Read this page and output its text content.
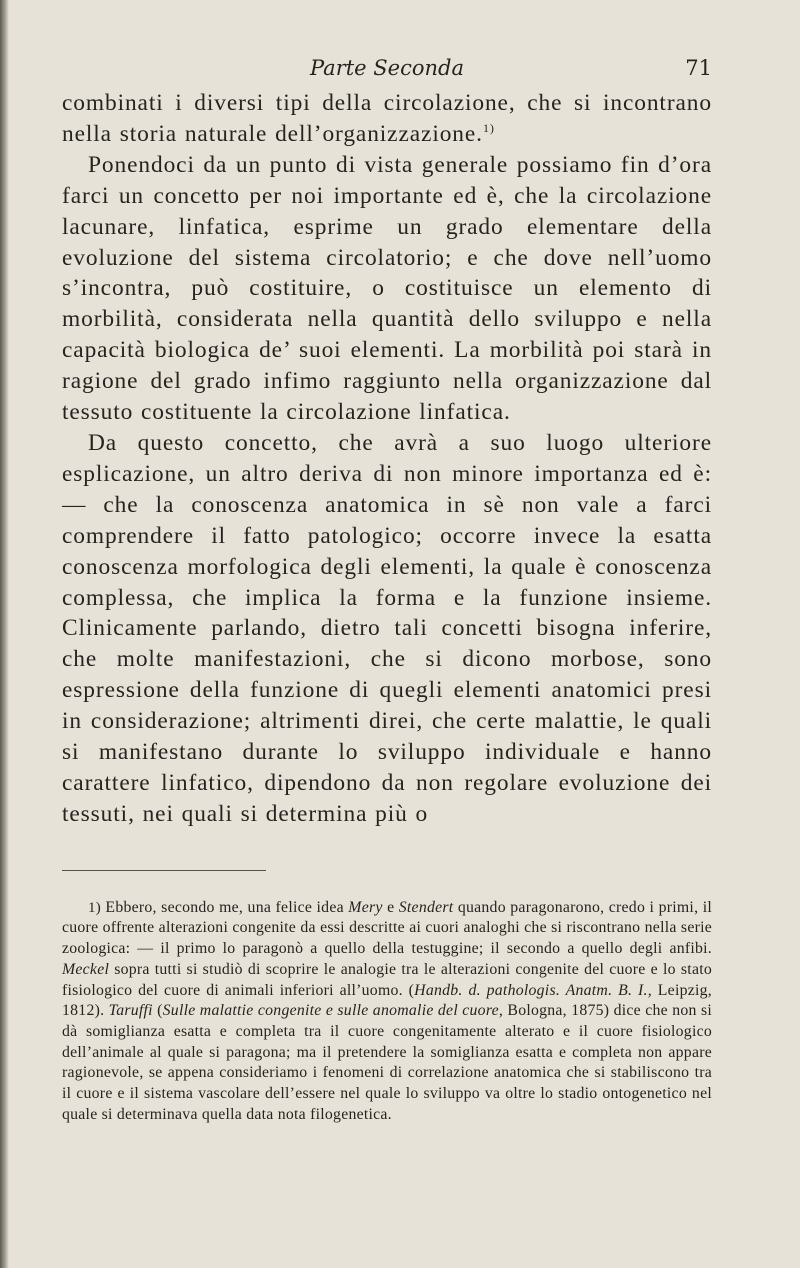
Parte Seconda	71

combinati i diversi tipi della circolazione, che si incontrano nella storia naturale dell’organizzazione.$^{1)}$

Ponendoci da un punto di vista generale possiamo fin d’ora farci un concetto per noi importante ed è, che la circolazione lacunare, linfatica, esprime un grado elementare della evoluzione del sistema circolatorio; e che dove nell’uomo s’incontra, può costituire, o costituisce un elemento di morbilità, considerata nella quantità dello sviluppo e nella capacità biologica de’ suoi elementi. La morbilità poi starà in ragione del grado infimo raggiunto nella organizzazione dal tessuto costituente la circolazione linfatica.

Da questo concetto, che avrà a suo luogo ulteriore esplicazione, un altro deriva di non minore importanza ed è: — che la conoscenza anatomica in sè non vale a farci comprendere il fatto patologico; occorre invece la esatta conoscenza morfologica degli elementi, la quale è conoscenza complessa, che implica la forma e la funzione insieme. Clinicamente parlando, dietro tali concetti bisogna inferire, che molte manifestazioni, che si dicono morbose, sono espressione della funzione di quegli elementi anatomici presi in considerazione; altrimenti direi, che certe malattie, le quali si manifestano durante lo sviluppo individuale e hanno carattere linfatico, dipendono da non regolare evoluzione dei tessuti, nei quali si determina più o

1) Ebbero, secondo me, una felice idea Mery e Stendert quando paragonarono, credo i primi, il cuore offrente alterazioni congenite da essi descritte ai cuori analoghi che si riscontrano nella serie zoologica: — il primo lo paragonò a quello della testuggine; il secondo a quello degli anfibi. Meckel sopra tutti si studiò di scoprire le analogie tra le alterazioni congenite del cuore e lo stato fisiologico del cuore di animali inferiori all’uomo. (Handb. d. pathologis. Anatm. B. I., Leipzig, 1812). Taruffi (Sulle malattie congenite e sulle anomalie del cuore, Bologna, 1875) dice che non si dà somiglianza esatta e completa tra il cuore congenitamente alterato e il cuore fisiologico dell’animale al quale si paragona; ma il pretendere la somiglianza esatta e completa non appare ragionevole, se appena consideriamo i fenomeni di correlazione anatomica che si stabiliscono tra il cuore e il sistema vascolare dell’essere nel quale lo sviluppo va oltre lo stadio ontogenetico nel quale si determinava quella data nota filogenetica.
